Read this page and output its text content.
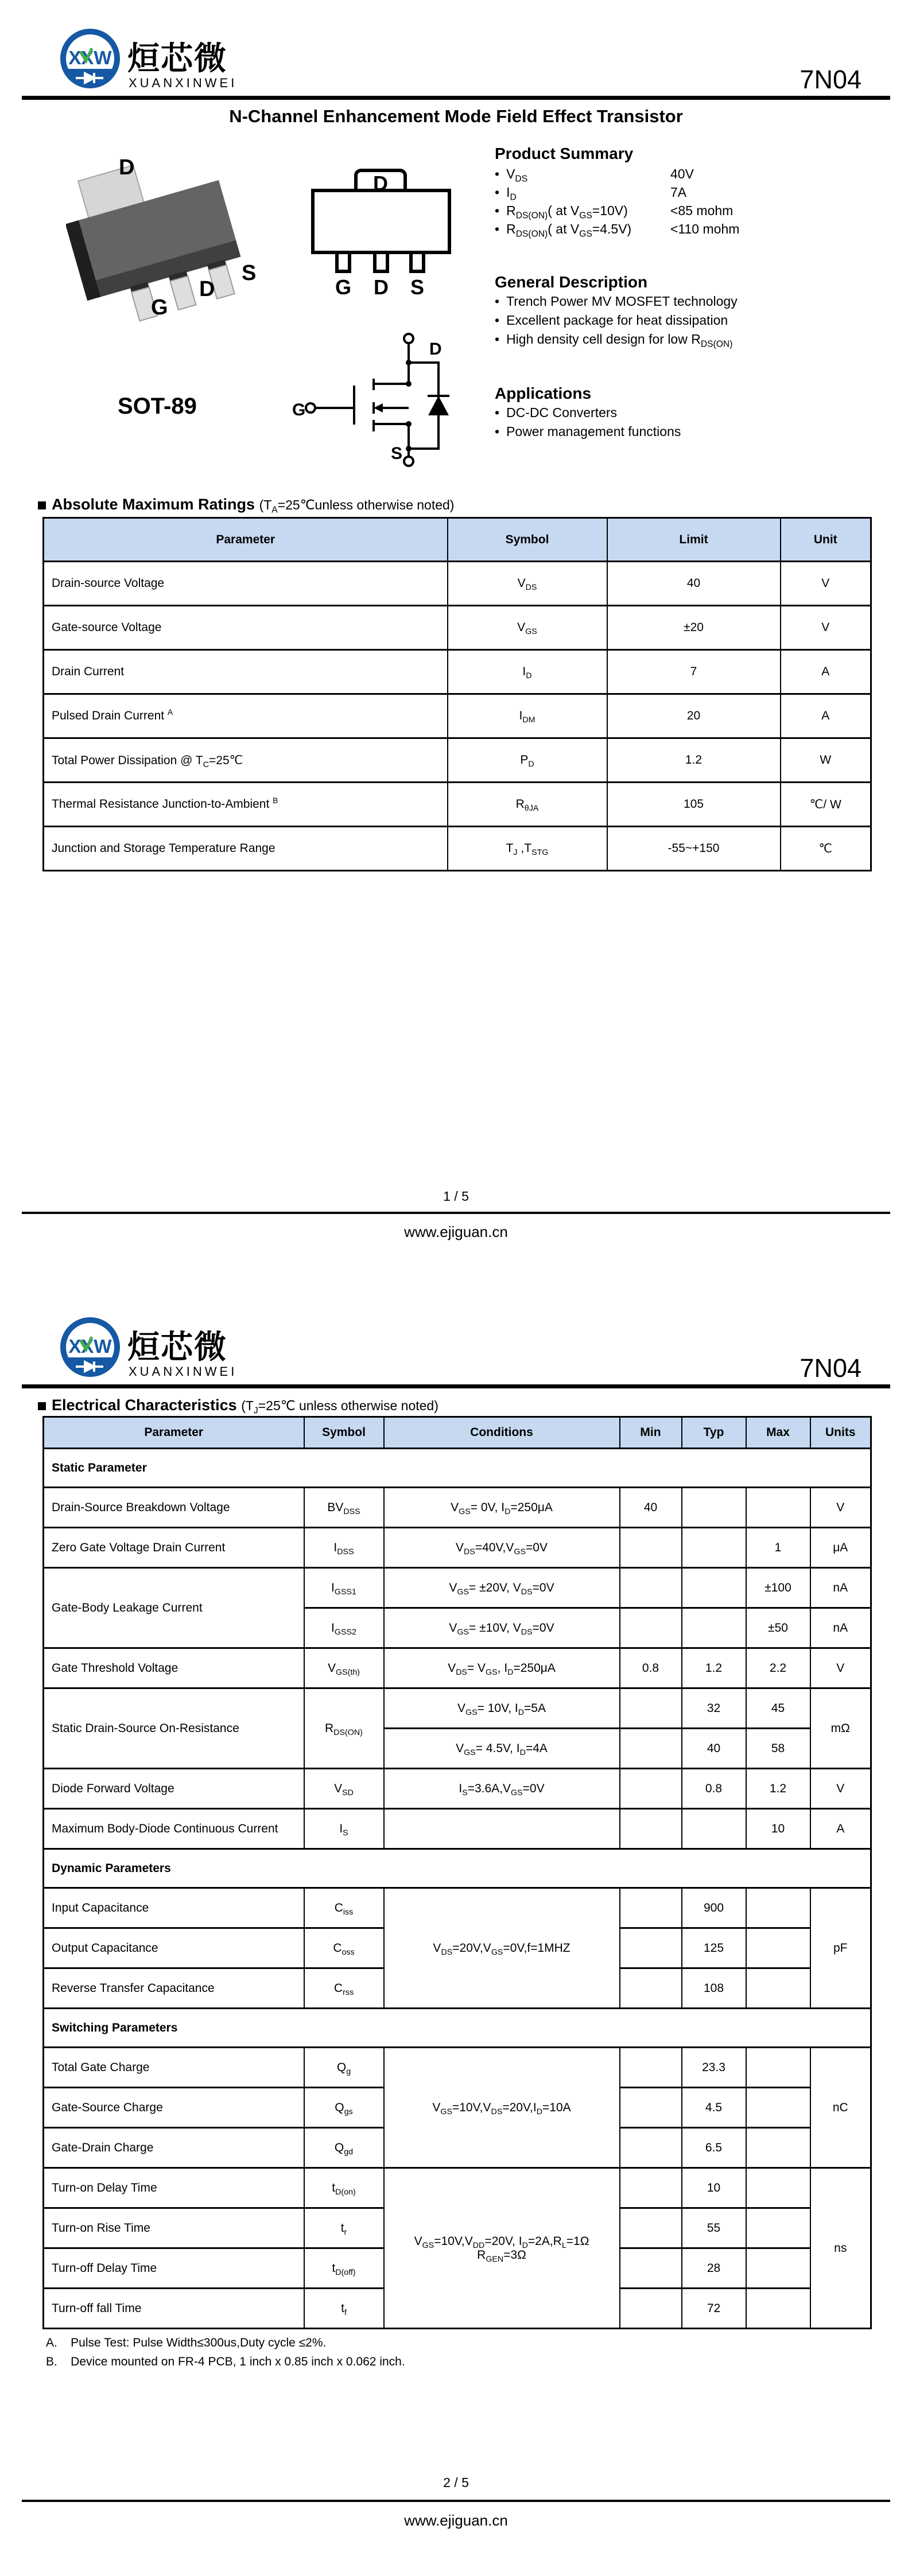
XXW 烜芯微
XUANXINWEI	7N04
N-Channel Enhancement Mode Field Effect Transistor
D
G
D
S
D
G D S
SOT-89
D
G
S
Product Summary
• $V_{DS}$	40V
• $I_D$	7A
• $R_{DS(ON)}$( at $V_{GS}=10V$)	<85 mohm
• $R_{DS(ON)}$( at $V_{GS}=4.5V$)	<110 mohm
General Description
• Trench Power MV MOSFET technology
• Excellent package for heat dissipation
• High density cell design for low $R_{DS(ON)}$
Applications
• DC-DC Converters
• Power management functions
Absolute Maximum Ratings ($T_A=25℃unless$ otherwise noted)
Parameter	Symbol	Limit	Unit
Drain-source Voltage	$V_{DS}$	40	V
Gate-source Voltage	$V_{GS}$	±20	V
Drain Current	$I_D$	7	A
Pulsed Drain Current $^A$	$I_{DM}$	20	A
Total Power Dissipation @ $T_C=25℃$	$P_D$	1.2	W
Thermal Resistance Junction-to-Ambient $^B$	$R_{\theta JA}$	105	℃/ W
Junction and Storage Temperature Range	$T_J$ $,T_{STG}$	-55~+150	℃
1 / 5
www.ejiguan.cn
XXW 烜芯微
XUANXINWEI	7N04
Electrical Characteristics ($T_J=25℃$ unless otherwise noted)
Parameter	Symbol	Conditions	Min	Typ	Max	Units
Static Parameter						
Drain-Source Breakdown Voltage	$BV_{DSS}$	$V_{GS}= 0V$, $I_D=250\mu A$	40			V
Zero Gate Voltage Drain Current	$I_{DSS}$	$V_{DS}=40V,V_{GS}=0V$			1	μA
Gate-Body Leakage Current	$I_{GSS1}$	$V_{GS}= \pm 20V$, $V_{DS}=0V$			±100	nA
	$I_{GSS2}$	$V_{GS}= \pm 10V$, $V_{DS}=0V$			±50	nA
Gate Threshold Voltage	$V_{GS(th)}$	$V_{DS}= V_{GS}$, $I_D=250\mu A$	0.8	1.2	2.2	V
Static Drain-Source On-Resistance	$R_{DS(ON)}$	$V_{GS}= 10V$, $I_D=5A$		32	45	mΩ
		$V_{GS}= 4.5V$, $I_D=4A$		40	58	
Diode Forward Voltage	$V_{SD}$	$I_S=3.6A,V_{GS}=0V$		0.8	1.2	V
Maximum Body-Diode Continuous Current	$I_S$				10	A
Dynamic Parameters						
Input Capacitance	$C_{iss}$	$V_{DS}=20V,V_{GS}=0V,f=1MHZ$		900		pF
Output Capacitance	$C_{oss}$			125		
Reverse Transfer Capacitance	$C_{rss}$			108		
Switching Parameters						
Total Gate Charge	$Q_g$	$V_{GS}=10V,V_{DS}=20V,I_D=10A$		23.3		nC
Gate-Source Charge	$Q_{gs}$			4.5		
Gate-Drain Charge	$Q_{gd}$			6.5		
Turn-on Delay Time	$t_{D(on)}$	$V_{GS}=10V,V_{DD}=20V$, $I_D=2A,R_L=1\Omega$
$R_{GEN}=3\Omega$		10		ns
Turn-on Rise Time	$t_r$			55		
Turn-off Delay Time	$t_{D(off)}$			28		
Turn-off fall Time	$t_f$			72		
A.    Pulse Test: Pulse Width≤300us,Duty cycle ≤2%.
B.    Device mounted on FR-4 PCB, 1 inch x 0.85 inch x 0.062 inch.
2 / 5
www.ejiguan.cn
